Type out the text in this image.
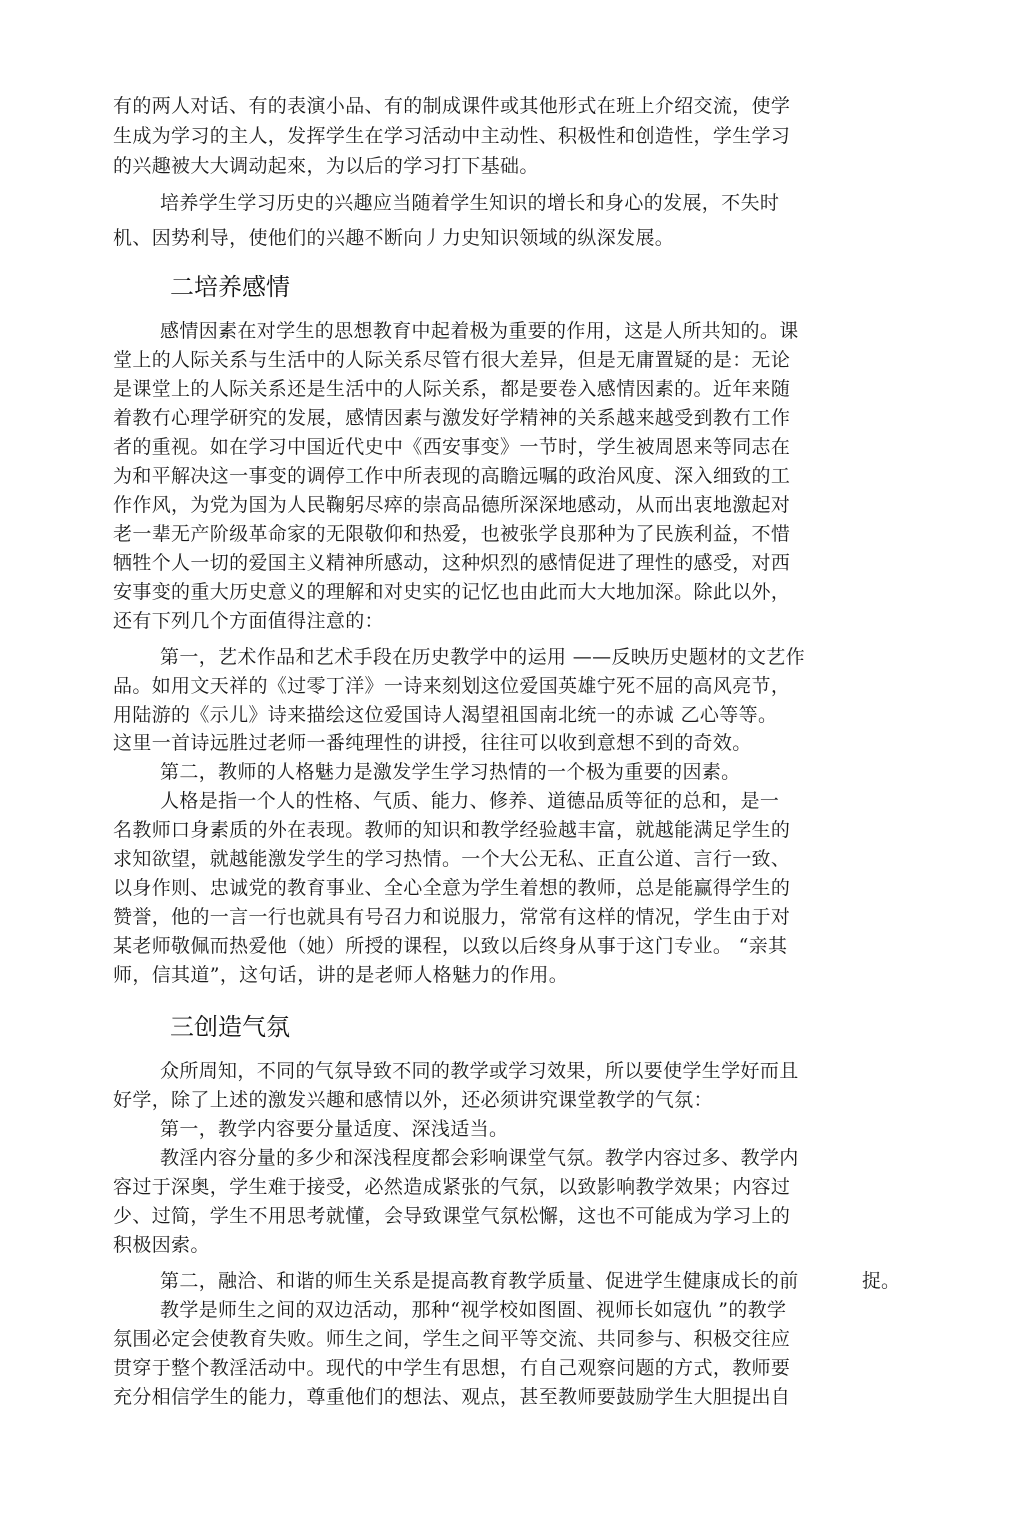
有的两人对话、有的表演小品、有的制成课件或其他形式在班上介绍交流，使学
生成为学习的主人，发挥学生在学习活动中主动性、积极性和创造性，学生学习
的兴趣被大大调动起來，为以后的学习打下基础。
培养学生学习历史的兴趣应当随着学生知识的增长和身心的发展，不失时
机、因势利导，使他们的兴趣不断向丿力史知识领域的纵深发展。
二培养感情
感情因素在对学生的思想教育中起着极为重要的作用，这是人所共知的。课
堂上的人际关系与生活中的人际关系尽管冇很大差异，但是无庸置疑的是：无论
是课堂上的人际关系还是生活中的人际关系，都是要卷入感情因素的。近年来随
着教冇心理学研究的发展，感情因素与激发好学精神的关系越来越受到教冇工作
者的重视。如在学习中国近代史中《西安事变》一节时，学生被周恩来等同志在
为和平解决这一事变的调停工作中所表现的高瞻远嘱的政治风度、深入细致的工
作作风，为党为国为人民鞠躬尽瘁的崇高品德所深深地感动，从而出衷地激起对
老一辈无产阶级革命家的无限敬仰和热爱，也被张学良那种为了民族利益，不惜
牺牲个人一切的爱国主义精神所感动，这种炽烈的感情促进了理性的感受，对西
安事变的重大历史意义的理解和对史实的记忆也由此而大大地加深。除此以外，
还有下列几个方面值得注意的：
第一，艺术作品和艺术手段在历史教学中的运用 ——反映历史题材的文艺作
品。如用文天祥的《过零丁洋》一诗来刻划这位爱国英雄宁死不屈的高风亮节，
用陆游的《示儿》诗来描绘这位爱国诗人渴望祖国南北统一的赤诚 乙心等等。
这里一首诗远胜过老师一番纯理性的讲授，往往可以收到意想不到的奇效。
第二，教师的人格魅力是激发学生学习热情的一个极为重要的因素。
人格是指一个人的性格、气质、能力、修养、道德品质等征的总和，是一
名教师口身素质的外在表现。教师的知识和教学经验越丰富，就越能满足学生的
求知欲望，就越能激发学生的学习热情。一个大公无私、正直公道、言行一致、
以身作则、忠诚党的教育事业、全心全意为学生着想的教师，总是能赢得学生的
赞誉，他的一言一行也就具有号召力和说服力，常常有这样的情况，学生由于对
某老师敬佩而热爱他（她）所授的课程，以致以后终身从事于这门专业。 “亲其
师，信其道”，这句话，讲的是老师人格魅力的作用。
三创造气氛
众所周知，不同的气氛导致不同的教学或学习效果，所以要使学生学好而且
好学，除了上述的激发兴趣和感情以外，还必须讲究课堂教学的气氛：
第一，教学内容要分量适度、深浅适当。
教淫内容分量的多少和深浅程度都会彩响课堂气氛。教学内容过多、教学内
容过于深奥，学生难于接受，必然造成紧张的气氛，以致影响教学效果；内容过
少、过简，学生不用思考就懂，会导致课堂气氛松懈，这也不可能成为学习上的
积极因索。
第二，融洽、和谐的师生关系是提高教育教学质量、促进学生健康成长的前	捉。
教学是师生之间的双边活动，那种“视学校如图圄、视师长如寇仇 ”的教学
氛围必定会使教育失败。师生之间，学生之间平等交流、共同参与、积极交往应
贯穿于整个教淫活动中。现代的中学生有思想，冇自己观察问题的方式，教师要
充分相信学生的能力，尊重他们的想法、观点，甚至教师要鼓励学生大胆提出自
